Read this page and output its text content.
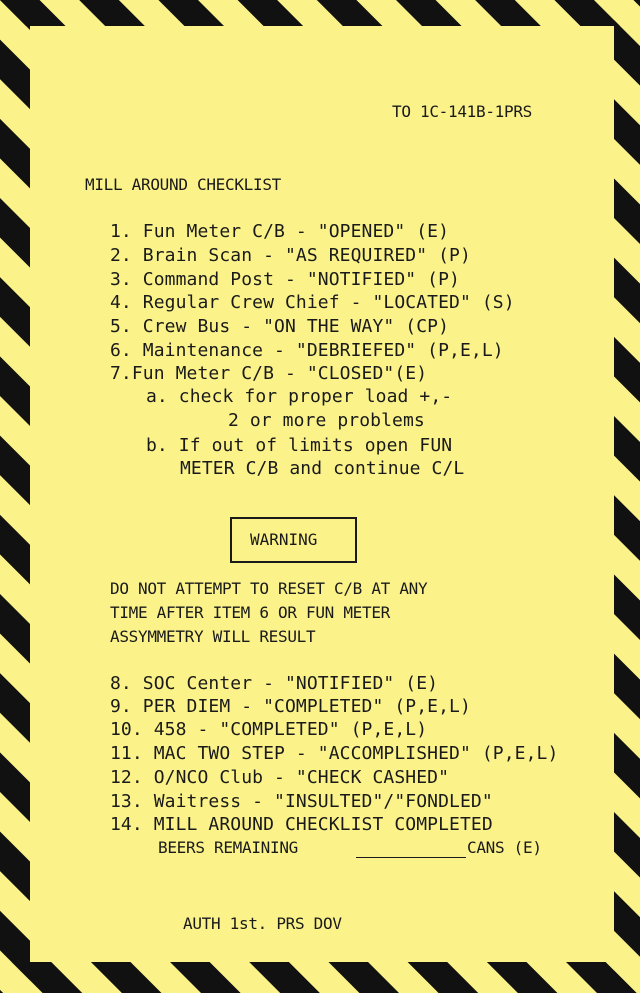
TO 1C-141B-1PRS
MILL AROUND CHECKLIST
1. Fun Meter C/B - "OPENED" (E)
2. Brain Scan - "AS REQUIRED" (P)
3. Command Post - "NOTIFIED" (P)
4. Regular Crew Chief - "LOCATED" (S)
5. Crew Bus - "ON THE WAY" (CP)
6. Maintenance - "DEBRIEFED" (P,E,L)
7.Fun Meter C/B - "CLOSED"(E)
a. check for proper load +,-
2 or more problems
b. If out of limits open FUN
METER C/B and continue C/L
WARNING
DO NOT ATTEMPT TO RESET C/B AT ANY
TIME AFTER ITEM 6 OR FUN METER
ASSYMMETRY WILL RESULT
8. SOC Center - "NOTIFIED" (E)
9. PER DIEM - "COMPLETED" (P,E,L)
10. 458 - "COMPLETED" (P,E,L)
11. MAC TWO STEP - "ACCOMPLISHED" (P,E,L)
12. O/NCO Club - "CHECK CASHED"
13. Waitress - "INSULTED"/"FONDLED"
14. MILL AROUND CHECKLIST COMPLETED
BEERS REMAINING	CANS (E)
AUTH 1st. PRS DOV
